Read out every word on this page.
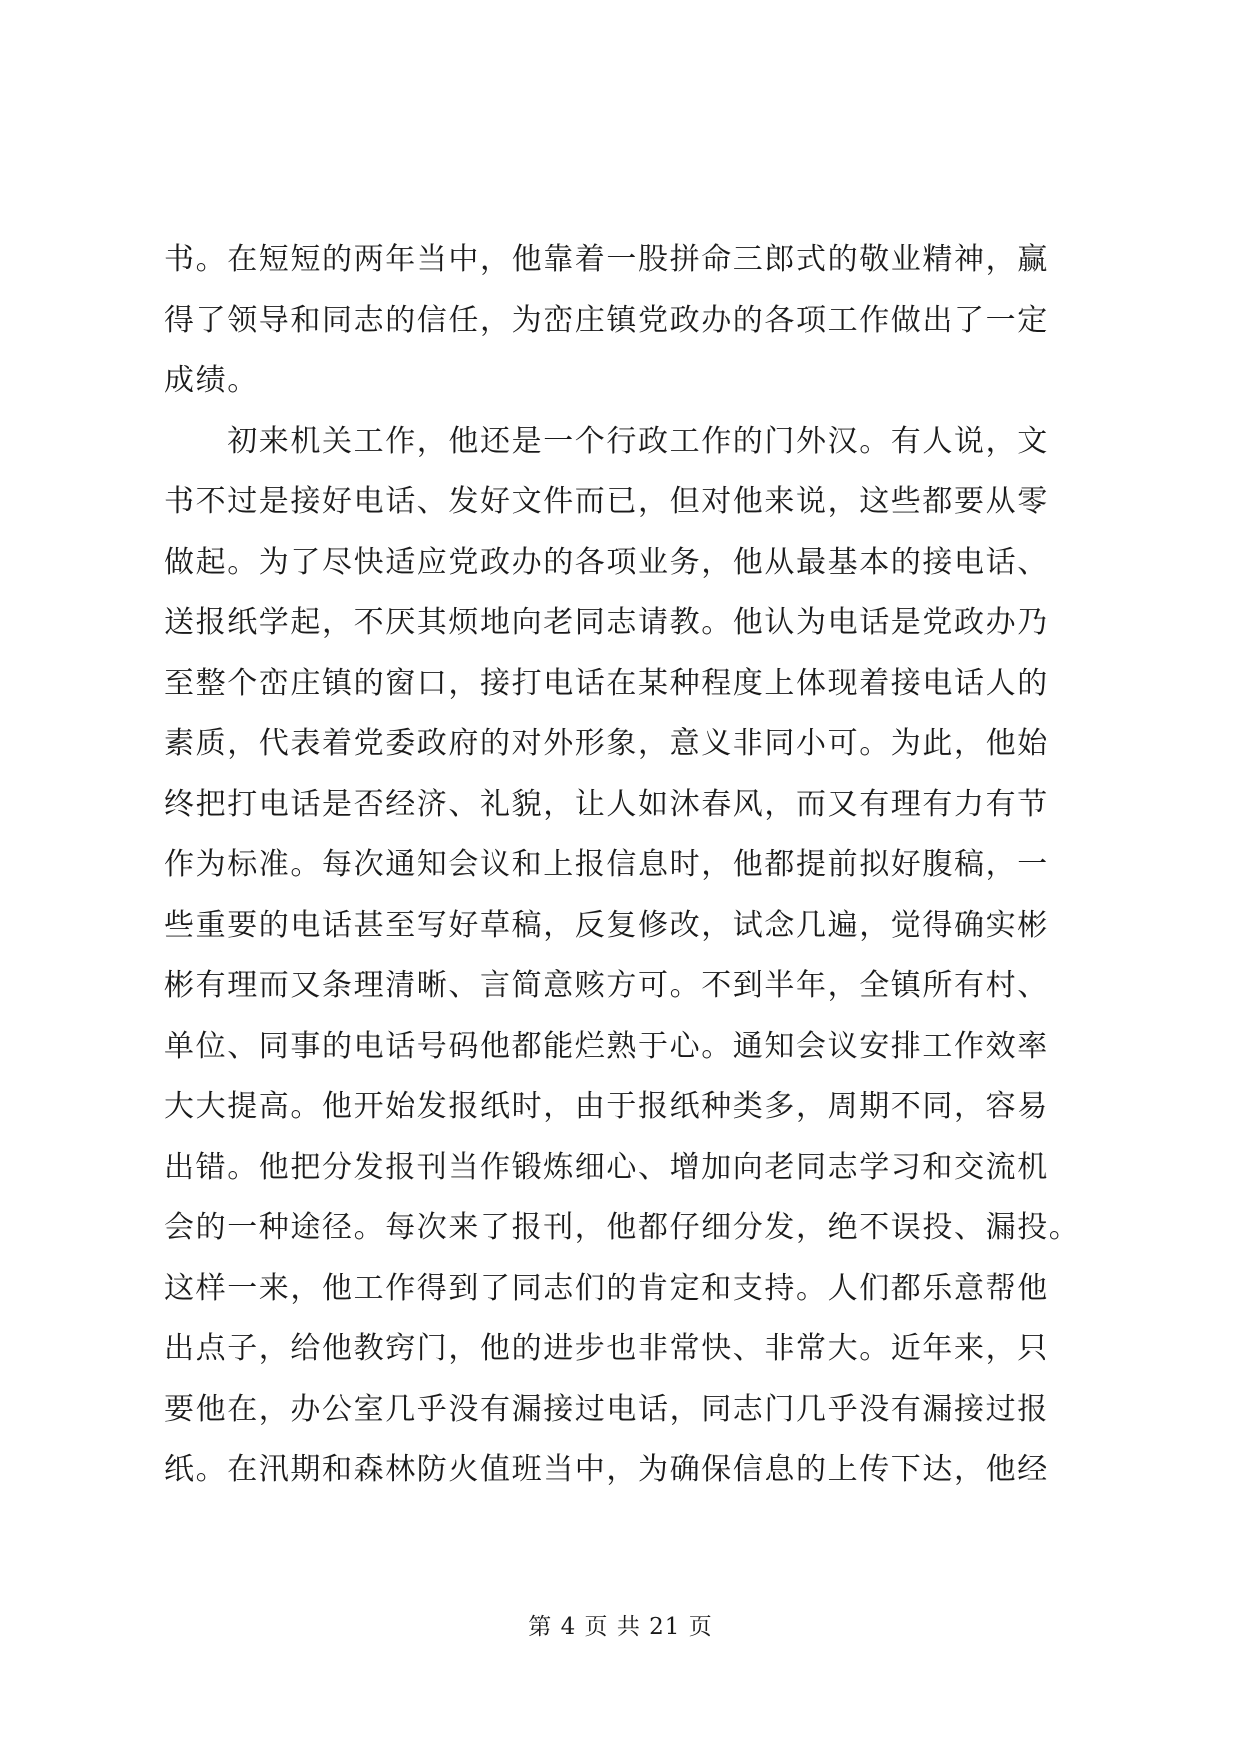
书。在短短的两年当中，他靠着一股拼命三郎式的敬业精神，赢
得了领导和同志的信任，为峦庄镇党政办的各项工作做出了一定
成绩。
　　初来机关工作，他还是一个行政工作的门外汉。有人说，文
书不过是接好电话、发好文件而已，但对他来说，这些都要从零
做起。为了尽快适应党政办的各项业务，他从最基本的接电话、
送报纸学起，不厌其烦地向老同志请教。他认为电话是党政办乃
至整个峦庄镇的窗口，接打电话在某种程度上体现着接电话人的
素质，代表着党委政府的对外形象，意义非同小可。为此，他始
终把打电话是否经济、礼貌，让人如沐春风，而又有理有力有节
作为标准。每次通知会议和上报信息时，他都提前拟好腹稿，一
些重要的电话甚至写好草稿，反复修改，试念几遍，觉得确实彬
彬有理而又条理清晰、言简意赅方可。不到半年，全镇所有村、
单位、同事的电话号码他都能烂熟于心。通知会议安排工作效率
大大提高。他开始发报纸时，由于报纸种类多，周期不同，容易
出错。他把分发报刊当作锻炼细心、增加向老同志学习和交流机
会的一种途径。每次来了报刊，他都仔细分发，绝不误投、漏投。
这样一来，他工作得到了同志们的肯定和支持。人们都乐意帮他
出点子，给他教窍门，他的进步也非常快、非常大。近年来，只
要他在，办公室几乎没有漏接过电话，同志门几乎没有漏接过报
纸。在汛期和森林防火值班当中，为确保信息的上传下达，他经
第 4 页 共 21 页
